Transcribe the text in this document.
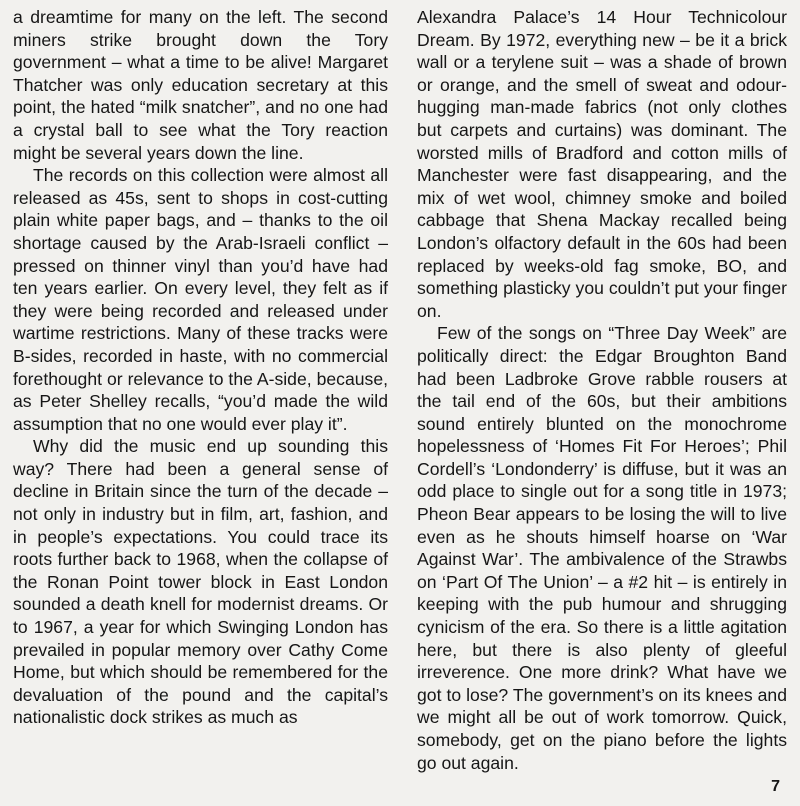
a dreamtime for many on the left. The second miners strike brought down the Tory government – what a time to be alive! Margaret Thatcher was only education secretary at this point, the hated “milk snatcher”, and no one had a crystal ball to see what the Tory reaction might be several years down the line.

The records on this collection were almost all released as 45s, sent to shops in cost-cutting plain white paper bags, and – thanks to the oil shortage caused by the Arab-Israeli conflict – pressed on thinner vinyl than you’d have had ten years earlier. On every level, they felt as if they were being recorded and released under wartime restrictions. Many of these tracks were B-sides, recorded in haste, with no commercial forethought or relevance to the A-side, because, as Peter Shelley recalls, “you’d made the wild assumption that no one would ever play it”.

Why did the music end up sounding this way? There had been a general sense of decline in Britain since the turn of the decade – not only in industry but in film, art, fashion, and in people’s expectations. You could trace its roots further back to 1968, when the collapse of the Ronan Point tower block in East London sounded a death knell for modernist dreams. Or to 1967, a year for which Swinging London has prevailed in popular memory over Cathy Come Home, but which should be remembered for the devaluation of the pound and the capital’s nationalistic dock strikes as much as

Alexandra Palace’s 14 Hour Technicolour Dream. By 1972, everything new – be it a brick wall or a terylene suit – was a shade of brown or orange, and the smell of sweat and odour-hugging man-made fabrics (not only clothes but carpets and curtains) was dominant. The worsted mills of Bradford and cotton mills of Manchester were fast disappearing, and the mix of wet wool, chimney smoke and boiled cabbage that Shena Mackay recalled being London’s olfactory default in the 60s had been replaced by weeks-old fag smoke, BO, and something plasticky you couldn’t put your finger on.

Few of the songs on “Three Day Week” are politically direct: the Edgar Broughton Band had been Ladbroke Grove rabble rousers at the tail end of the 60s, but their ambitions sound entirely blunted on the monochrome hopelessness of ‘Homes Fit For Heroes’; Phil Cordell’s ‘Londonderry’ is diffuse, but it was an odd place to single out for a song title in 1973; Pheon Bear appears to be losing the will to live even as he shouts himself hoarse on ‘War Against War’. The ambivalence of the Strawbs on ‘Part Of The Union’ – a #2 hit – is entirely in keeping with the pub humour and shrugging cynicism of the era. So there is a little agitation here, but there is also plenty of gleeful irreverence. One more drink? What have we got to lose? The government’s on its knees and we might all be out of work tomorrow. Quick, somebody, get on the piano before the lights go out again.

7
